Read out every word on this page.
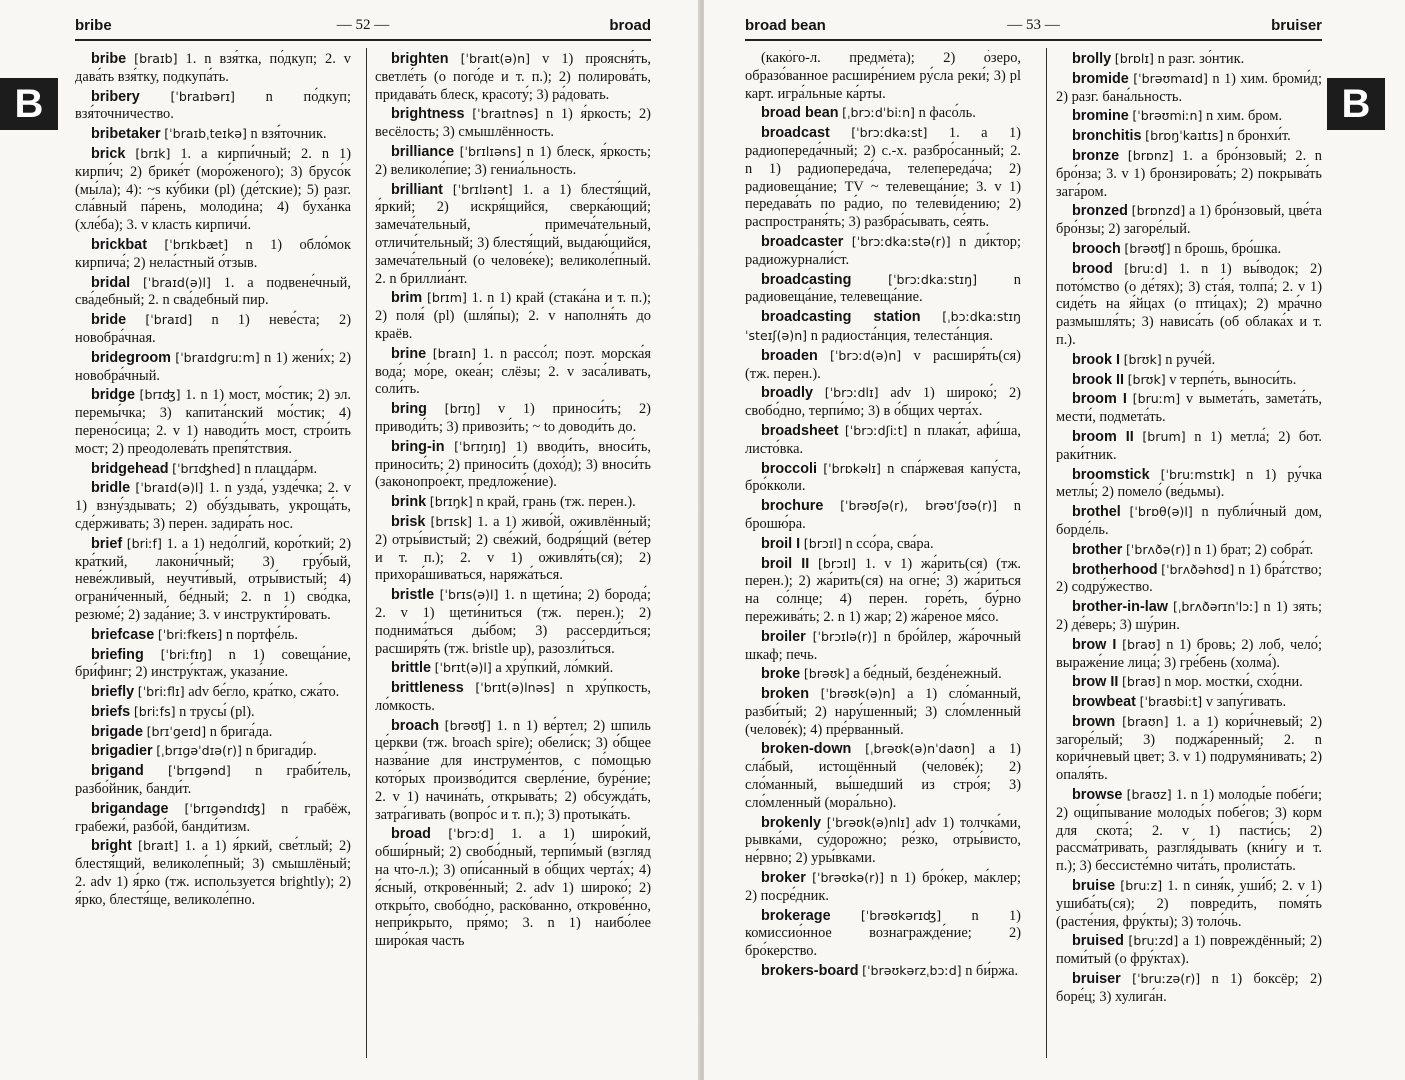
bribe	— 52 —	broad
B

bribe [braɪb] 1. n взя́тка, по́дкуп; 2. v дава́ть взя́тку, подкупа́ть.

bribery [ˈbraɪbərɪ] n по́дкуп; взя́точничество.

bribetaker [ˈbraɪbˌteɪkə] n взя́точник.

brick [brɪk] 1. a кирпи́чный; 2. n 1) кирпи́ч; 2) брике́т (моро́женого); 3) брусо́к (мы́ла); 4): ~s ку́бики (pl) (де́тские); 5) разг. сла́вный па́рень, молоди́на; 4) буха́нка (хле́ба); 3. v класть кирпичи́.

brickbat [ˈbrɪkbæt] n 1) обло́мок кирпича́; 2) нела́стный о́тзыв.

bridal [ˈbraɪd(ə)l] 1. a подвене́чный, сва́дебный; 2. n сва́дебный пир.

bride [ˈbraɪd] n 1) неве́ста; 2) новобра́чная.

bridegroom [ˈbraɪdgruːm] n 1) жени́х; 2) новобра́чный.

bridge [brɪʤ] 1. n 1) мост, мо́стик; 2) эл. перемы́чка; 3) капита́нский мо́стик; 4) перено́сица; 2. v 1) наводи́ть мост, стро́ить мост; 2) преодолева́ть препя́тствия.

bridgehead [ˈbrɪʤhed] n плацда́рм.

bridle [ˈbraɪd(ə)l] 1. n узда́, узде́чка; 2. v 1) взну́здывать; 2) обу́здывать, укроща́ть, сде́рживать; 3) перен. задира́ть нос.

brief [briːf] 1. a 1) недо́лгий, коро́ткий; 2) кра́ткий, лакони́чный; 3) гру́бый, неве́жливый, неучти́вый, отры́вистый; 4) ограни́ченный, бе́дный; 2. n 1) сво́дка, резюме́; 2) зада́ние; 3. v инструкти́ровать.

briefcase [ˈbriːfkeɪs] n портфе́ль.

briefing [ˈbriːfɪŋ] n 1) совеща́ние, бри́финг; 2) инстру́ктаж, указа́ние.

briefly [ˈbriːflɪ] adv бе́гло, кра́тко, сжа́то.

briefs [briːfs] n трусы́ (pl).

brigade [brɪˈgeɪd] n брига́да.

brigadier [ˌbrɪgəˈdɪə(r)] n бригади́р.

brigand [ˈbrɪgənd] n граби́тель, разбо́йник, банди́т.

brigandage [ˈbrɪgəndɪʤ] n грабёж, грабежи́, разбо́й, банди́тизм.

bright [braɪt] 1. a 1) я́ркий, све́тлый; 2) блестя́щий, великоле́пный; 3) смышлёный; 2. adv 1) я́рко (тж. используется brightly); 2) я́рко, блестя́ще, великоле́пно.

brighten [ˈbraɪt(ə)n] v 1) проясня́ть, светле́ть (о пого́де и т. п.); 2) полирова́ть, придава́ть блеск, красоту́; 3) ра́довать.

brightness [ˈbraɪtnəs] n 1) я́ркость; 2) весёлость; 3) смышлённость.

brilliance [ˈbrɪlɪəns] n 1) блеск, я́ркость; 2) великоле́пие; 3) гениа́льность.

brilliant [ˈbrɪlɪənt] 1. a 1) блестя́щий, я́ркий; 2) искря́щийся, сверка́ющий; замеча́тельный, примеча́тельный, отличи́тельный; 3) блестя́щий, выдаю́щийся, замеча́тельный (о челове́ке); великоле́пный. 2. n бриллиа́нт.

brim [brɪm] 1. n 1) край (стака́на и т. п.); 2) поля́ (pl) (шля́пы); 2. v наполня́ть до краёв.

brine [braɪn] 1. n рассо́л; поэт. морска́я вода́; мо́ре, океа́н; слёзы; 2. v заса́ливать, соли́ть.

bring [brɪŋ] v 1) приноси́ть; 2) приводи́ть; 3) привози́ть; ~ to доводи́ть до.

bring-in [ˈbrɪŋɪŋ] 1) вводи́ть, вноси́ть, приноси́ть; 2) приноси́ть (дохо́д); 3) вноси́ть (законопрое́кт, предложе́ние).

brink [brɪŋk] n край, грань (тж. перен.).

brisk [brɪsk] 1. a 1) живо́й, оживлённый; 2) отры́вистый; 2) све́жий, бодря́щий (ве́тер и т. п.); 2. v 1) оживля́ть(ся); 2) прихора́шиваться, наряжа́ться.

bristle [ˈbrɪs(ə)l] 1. n щети́на; 2) борода́; 2. v 1) щети́ниться (тж. перен.); 2) поднима́ться ды́бом; 3) рассерди́ться; расширя́ть (тж. bristle up), разозли́ться.

brittle [ˈbrɪt(ə)l] a хру́пкий, ло́мкий.

brittleness [ˈbrɪt(ə)lnəs] n хру́пкость, ло́мкость.

broach [brəʊʧ] 1. n 1) ве́ртел; 2) шпиль це́ркви (тж. broach spire); обели́ск; 3) о́бщее назва́ние для инструме́нтов, с по́мощью кото́рых произво́дится сверле́ние, буре́ние; 2. v 1) начина́ть, открыва́ть; 2) обсужда́ть, затра́гивать (вопро́с и т. п.); 3) протыка́ть.

broad [ˈbrɔːd] 1. a 1) широ́кий, обши́рный; 2) свобо́дный, терпи́мый (взгляд на что-л.); 3) опи́санный в о́бщих черта́х; 4) я́сный, открове́нный; 2. adv 1) широко́; 2) откры́то, свобо́дно, раско́ванно, открове́нно, непри́крыто, пря́мо; 3. n 1) наибо́лее широ́кая часть

broad bean	— 53 —	bruiser
B

(како́го-л. предме́та); 2) о́зеро, образо́ванное расшире́нием ру́сла реки́; 3) pl карт. игра́льные ка́рты.

broad bean [ˌbrɔːdˈbiːn] n фасо́ль.

broadcast [ˈbrɔːdkaːst] 1. a 1) радиопереда́чный; 2) с.-х. разбро́санный; 2. n 1) радиопереда́ча, телепереда́ча; 2) радиовеща́ние; TV ~ телевеща́ние; 3. v 1) передава́ть по ра́дио, по телеви́дению; 2) распространя́ть; 3) разбра́сывать, се́ять.

broadcaster [ˈbrɔːdkaːstə(r)] n ди́ктор; радиожурнали́ст.

broadcasting	[ˈbrɔːdkaːstɪŋ]	n радиовеща́ние, телевеща́ние.

broadcasting station [ˌbɔːdkaːstɪŋ ˈsteɪʃ(ə)n] n радиоста́нция, телеста́нция.

broaden [ˈbrɔːd(ə)n] v расширя́ть(ся) (тж. перен.).

broadly [ˈbrɔːdlɪ] adv 1) широко́; 2) свобо́дно, терпи́мо; 3) в о́бщих черта́х.

broadsheet [ˈbrɔːdʃiːt] n плака́т, афи́ша, листо́вка.

broccoli [ˈbrɒkəlɪ] n спа́ржевая капу́ста, бро́кколи.

brochure [ˈbrəʊʃə(r), brəʊˈʃʊə(r)] n брошю́ра.

broil I [brɔɪl] n ссо́ра, сва́ра.

broil II [brɔɪl] 1. v 1) жа́рить(ся) (тж. перен.); 2) жа́рить(ся) на огне́; 3) жа́риться на со́лнце; 4) перен. горе́ть, бу́рно пережива́ть; 2. n 1) жар; 2) жа́реное мя́со.

broiler [ˈbrɔɪlə(r)] n бро́йлер, жа́рочный шкаф; печь.

broke [brəʊk] a бе́дный, безде́нежный.

broken [ˈbrəʊk(ə)n] a 1) сло́манный, разби́тый; 2) нару́шенный; 3) сло́мленный (челове́к); 4) пре́рванный.

broken-down [ˌbrəʊk(ə)nˈdaʊn] a 1) сла́бый, истощённый (челове́к); 2) сло́манный, вы́шедший из стро́я; 3) сло́мленный (мора́льно).

brokenly [ˈbrəʊk(ə)nlɪ] adv 1) толчка́ми, рывка́ми, су́дорожно; ре́зко, отры́висто, не́рвно; 2) уры́вками.

broker [ˈbrəʊkə(r)] n 1) бро́кер, ма́клер; 2) посре́дник.

brokerage [ˈbrəʊkərɪʤ] n 1) комиссио́нное вознагражде́ние; 2) бро́керство.

brokers-board [ˈbrəʊkərzˌbɔːd] n би́ржа.

brolly [brɒlɪ] n разг. зо́нтик.

bromide [ˈbrəʊmaɪd] n 1) хим. броми́д; 2) разг. бана́льность.

bromine [ˈbrəʊmiːn] n хим. бром.

bronchitis [brɒŋˈkaɪtɪs] n бронхи́т.

bronze [brɒnz] 1. a бро́нзовый; 2. n бро́нза; 3. v 1) бронзирова́ть; 2) покрыва́ть зага́ром.

bronzed [brɒnzd] a 1) бро́нзовый, цве́та бро́нзы; 2) загоре́лый.

brooch [brəʊʧ] n брошь, бро́шка.

brood [bruːd] 1. n 1) вы́водок; 2) пото́мство (о де́тях); 3) ста́я, толпа́; 2. v 1) сиде́ть на я́йцах (о пти́цах); 2) мра́чно размышля́ть; 3) нависа́ть (об облака́х и т. п.).

brook I [brʊk] n руче́й.

brook II [brʊk] v терпе́ть, выноси́ть.

broom I [bruːm] v вымета́ть, замета́ть, мести́, подмета́ть.

broom II [brum] n 1) метла́; 2) бот. раки́тник.

broomstick [ˈbruːmstɪk] n 1) ру́чка метлы́; 2) помело́ (ве́дьмы).

brothel [ˈbrɒθ(ə)l] n публи́чный дом, борде́ль.

brother [ˈbrʌðə(r)] n 1) брат; 2) собра́т.

brotherhood [ˈbrʌðəhʊd] n 1) бра́тство; 2) содру́жество.

brother-in-law [ˌbrʌðərɪnˈlɔː] n 1) зять; 2) де́верь; 3) шу́рин.

brow I [braʊ] n 1) бровь; 2) лоб, чело́; выраже́ние лица́; 3) гре́бень (холма́).

brow II [braʊ] n мор. мостки́, схо́дни.

browbeat [ˈbraʊbiːt] v запу́гивать.

brown [braʊn] 1. a 1) кори́чневый; 2) загоре́лый; 3) поджа́ренный; 2. n кори́чневый цвет; 3. v 1) подрумя́нивать; 2) опаля́ть.

browse [braʊz] 1. n 1) молоды́е побе́ги; 2) ощи́пывание молоды́х побе́гов; 3) корм для скота́; 2. v 1) пасти́сь; 2) рассма́тривать, разгля́дывать (кни́гу и т. п.); 3) бессисте́мно чита́ть, пролиста́ть.

bruise [bruːz] 1. n синя́к, уши́б; 2. v 1) ушиба́ть(ся); 2) повреди́ть, помя́ть (расте́ния, фру́кты); 3) толо́чь.

bruised [bruːzd] a 1) повреждённый; 2) поми́тый (о фру́ктах).

bruiser [ˈbruːzə(r)] n 1) боксёр; 2) боре́ц; 3) хулига́н.
